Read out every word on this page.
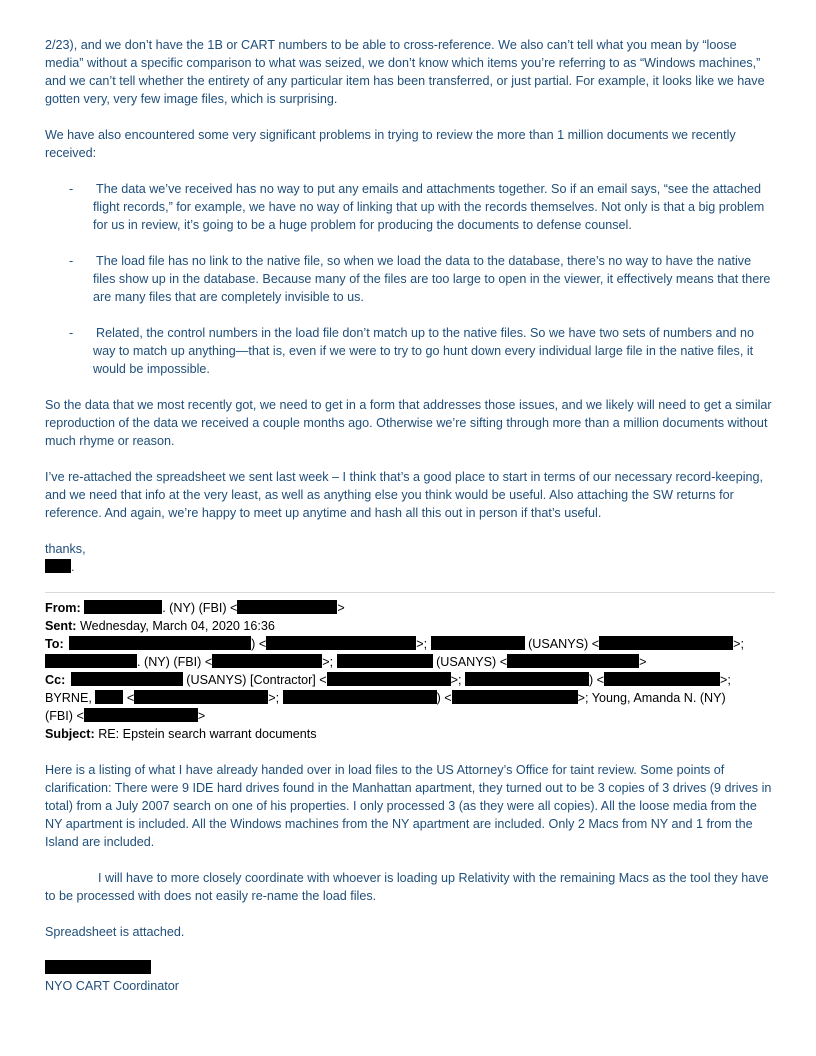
2/23), and we don’t have the 1B or CART numbers to be able to cross-reference. We also can’t tell what you mean by “loose media” without a specific comparison to what was seized, we don’t know which items you’re referring to as “Windows machines,” and we can’t tell whether the entirety of any particular item has been transferred, or just partial. For example, it looks like we have gotten very, very few image files, which is surprising.

We have also encountered some very significant problems in trying to review the more than 1 million documents we recently received:

- The data we’ve received has no way to put any emails and attachments together. So if an email says, “see the attached flight records,” for example, we have no way of linking that up with the records themselves. Not only is that a big problem for us in review, it’s going to be a huge problem for producing the documents to defense counsel.
- The load file has no link to the native file, so when we load the data to the database, there’s no way to have the native files show up in the database. Because many of the files are too large to open in the viewer, it effectively means that there are many files that are completely invisible to us.
- Related, the control numbers in the load file don’t match up to the native files. So we have two sets of numbers and no way to match up anything—that is, even if we were to try to go hunt down every individual large file in the native files, it would be impossible.

So the data that we most recently got, we need to get in a form that addresses those issues, and we likely will need to get a similar reproduction of the data we received a couple months ago. Otherwise we’re sifting through more than a million documents without much rhyme or reason.

I’ve re-attached the spreadsheet we sent last week – I think that’s a good place to start in terms of our necessary record-keeping, and we need that info at the very least, as well as anything else you think would be useful. Also attaching the SW returns for reference. And again, we’re happy to meet up anytime and hash all this out in person if that’s useful.

thanks,
.
From:	. (NY) (FBI) <	>
Sent: Wednesday, March 04, 2020 16:36
To:	) <	>;	(USANYS) <	>;
. (NY) (FBI) <	>;	(USANYS) <	>
Cc:	(USANYS) [Contractor] <	>;	) <	>;
BYRNE,	<	>;	) <	>; Young, Amanda N. (NY)
(FBI) <	>
Subject: RE: Epstein search warrant documents

Here is a listing of what I have already handed over in load files to the US Attorney’s Office for taint review. Some points of clarification: There were 9 IDE hard drives found in the Manhattan apartment, they turned out to be 3 copies of 3 drives (9 drives in total) from a July 2007 search on one of his properties. I only processed 3 (as they were all copies). All the loose media from the NY apartment is included. All the Windows machines from the NY apartment are included. Only 2 Macs from NY and 1 from the Island are included.

I will have to more closely coordinate with whoever is loading up Relativity with the remaining Macs as the tool they have to be processed with does not easily re-name the load files.

Spreadsheet is attached.

NYO CART Coordinator
